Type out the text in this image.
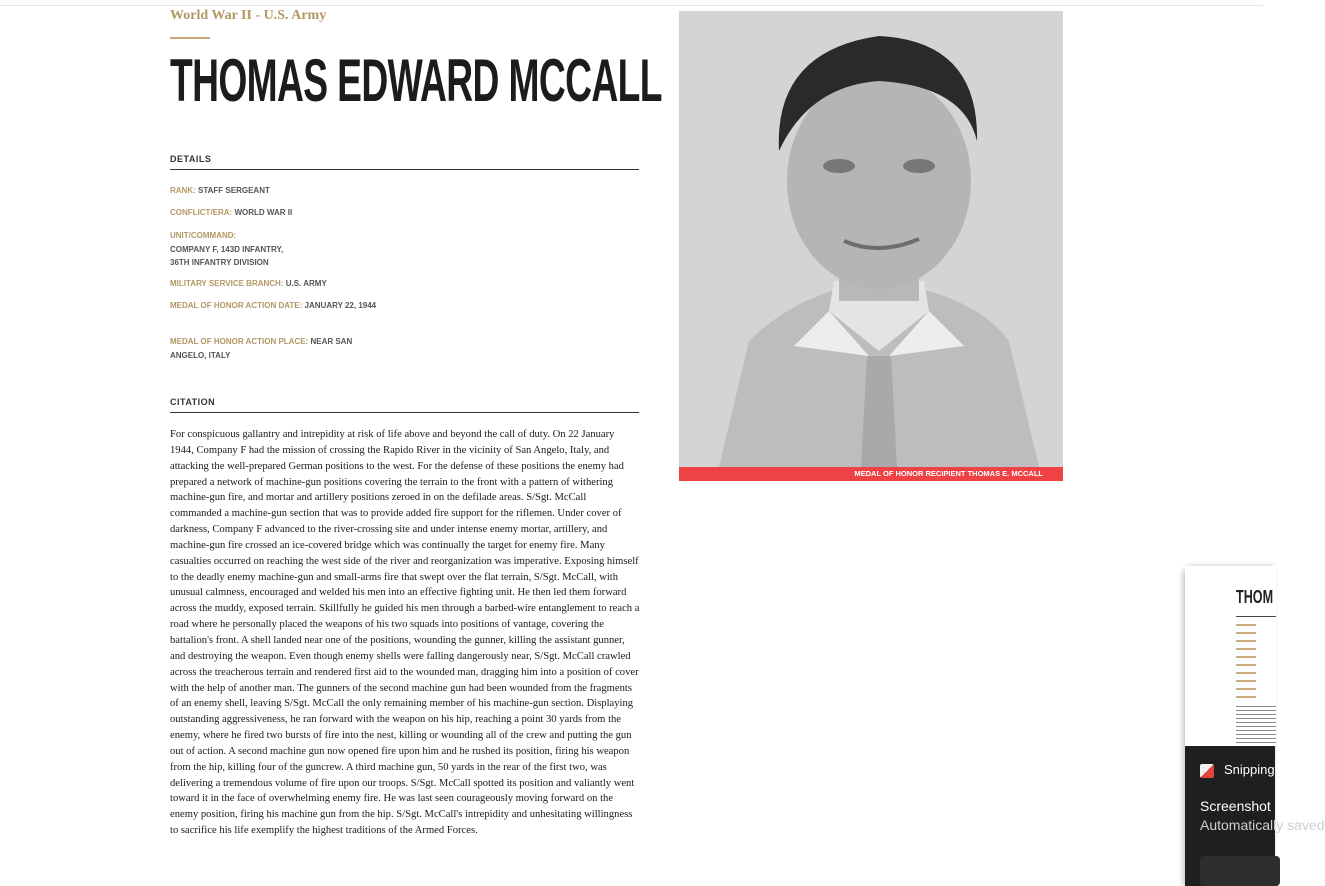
World War II - U.S. Army
THOMAS EDWARD MCCALL
DETAILS
RANK: STAFF SERGEANT
CONFLICT/ERA: WORLD WAR II
UNIT/COMMAND:
COMPANY F, 143D INFANTRY,
36TH INFANTRY DIVISION
MILITARY SERVICE BRANCH: U.S. ARMY
MEDAL OF HONOR ACTION DATE: JANUARY 22, 1944
MEDAL OF HONOR ACTION PLACE: NEAR SAN ANGELO, ITALY
CITATION
For conspicuous gallantry and intrepidity at risk of life above and beyond the call of duty. On 22 January 1944, Company F had the mission of crossing the Rapido River in the vicinity of San Angelo, Italy, and attacking the well-prepared German positions to the west. For the defense of these positions the enemy had prepared a network of machine-gun positions covering the terrain to the front with a pattern of withering machine-gun fire, and mortar and artillery positions zeroed in on the defilade areas. S/Sgt. McCall commanded a machine-gun section that was to provide added fire support for the riflemen. Under cover of darkness, Company F advanced to the river-crossing site and under intense enemy mortar, artillery, and machine-gun fire crossed an ice-covered bridge which was continually the target for enemy fire. Many casualties occurred on reaching the west side of the river and reorganization was imperative. Exposing himself to the deadly enemy machine-gun and small-arms fire that swept over the flat terrain, S/Sgt. McCall, with unusual calmness, encouraged and welded his men into an effective fighting unit. He then led them forward across the muddy, exposed terrain. Skillfully he guided his men through a barbed-wire entanglement to reach a road where he personally placed the weapons of his two squads into positions of vantage, covering the battalion's front. A shell landed near one of the positions, wounding the gunner, killing the assistant gunner, and destroying the weapon. Even though enemy shells were falling dangerously near, S/Sgt. McCall crawled across the treacherous terrain and rendered first aid to the wounded man, dragging him into a position of cover with the help of another man. The gunners of the second machine gun had been wounded from the fragments of an enemy shell, leaving S/Sgt. McCall the only remaining member of his machine-gun section. Displaying outstanding aggressiveness, he ran forward with the weapon on his hip, reaching a point 30 yards from the enemy, where he fired two bursts of fire into the nest, killing or wounding all of the crew and putting the gun out of action. A second machine gun now opened fire upon him and he rushed its position, firing his weapon from the hip, killing four of the guncrew. A third machine gun, 50 yards in the rear of the first two, was delivering a tremendous volume of fire upon our troops. S/Sgt. McCall spotted its position and valiantly went toward it in the face of overwhelming enemy fire. He was last seen courageously moving forward on the enemy position, firing his machine gun from the hip. S/Sgt. McCall's intrepidity and unhesitating willingness to sacrifice his life exemplify the highest traditions of the Armed Forces.
MEDAL OF HONOR RECIPIENT THOMAS E. MCCALL
THOM
Snipping Tool
Screenshot copied
Automatically saved
